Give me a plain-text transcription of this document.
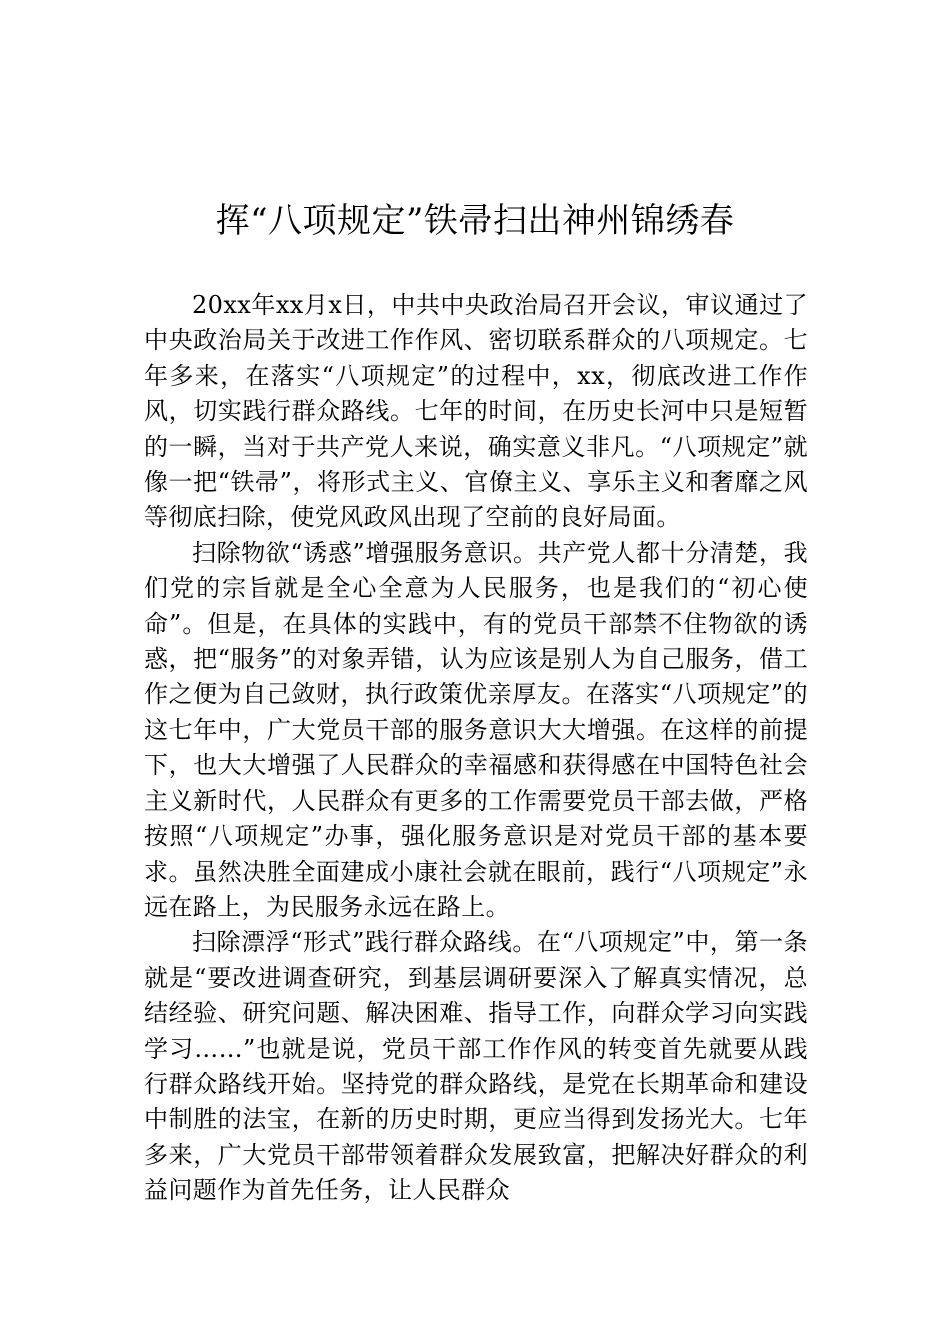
挥“八项规定”铁帚扫出神州锦绣春

20xx年xx月x日，中共中央政治局召开会议，审议通过了中央政治局关于改进工作作风、密切联系群众的八项规定。七年多来，在落实“八项规定”的过程中，xx，彻底改进工作作风，切实践行群众路线。七年的时间，在历史长河中只是短暂的一瞬，当对于共产党人来说，确实意义非凡。“八项规定”就像一把“铁帚”，将形式主义、官僚主义、享乐主义和奢靡之风等彻底扫除，使党风政风出现了空前的良好局面。

扫除物欲“诱惑”增强服务意识。共产党人都十分清楚，我们党的宗旨就是全心全意为人民服务，也是我们的“初心使命”。但是，在具体的实践中，有的党员干部禁不住物欲的诱惑，把“服务”的对象弄错，认为应该是别人为自己服务，借工作之便为自己敛财，执行政策优亲厚友。在落实“八项规定”的这七年中，广大党员干部的服务意识大大增强。在这样的前提下，也大大增强了人民群众的幸福感和获得感在中国特色社会主义新时代，人民群众有更多的工作需要党员干部去做，严格按照“八项规定”办事，强化服务意识是对党员干部的基本要求。虽然决胜全面建成小康社会就在眼前，践行“八项规定”永远在路上，为民服务永远在路上。

扫除漂浮“形式”践行群众路线。在“八项规定”中，第一条就是“要改进调查研究，到基层调研要深入了解真实情况，总结经验、研究问题、解决困难、指导工作，向群众学习向实践学习……”也就是说，党员干部工作作风的转变首先就要从践行群众路线开始。坚持党的群众路线，是党在长期革命和建设中制胜的法宝，在新的历史时期，更应当得到发扬光大。七年多来，广大党员干部带领着群众发展致富，把解决好群众的利益问题作为首先任务，让人民群众
